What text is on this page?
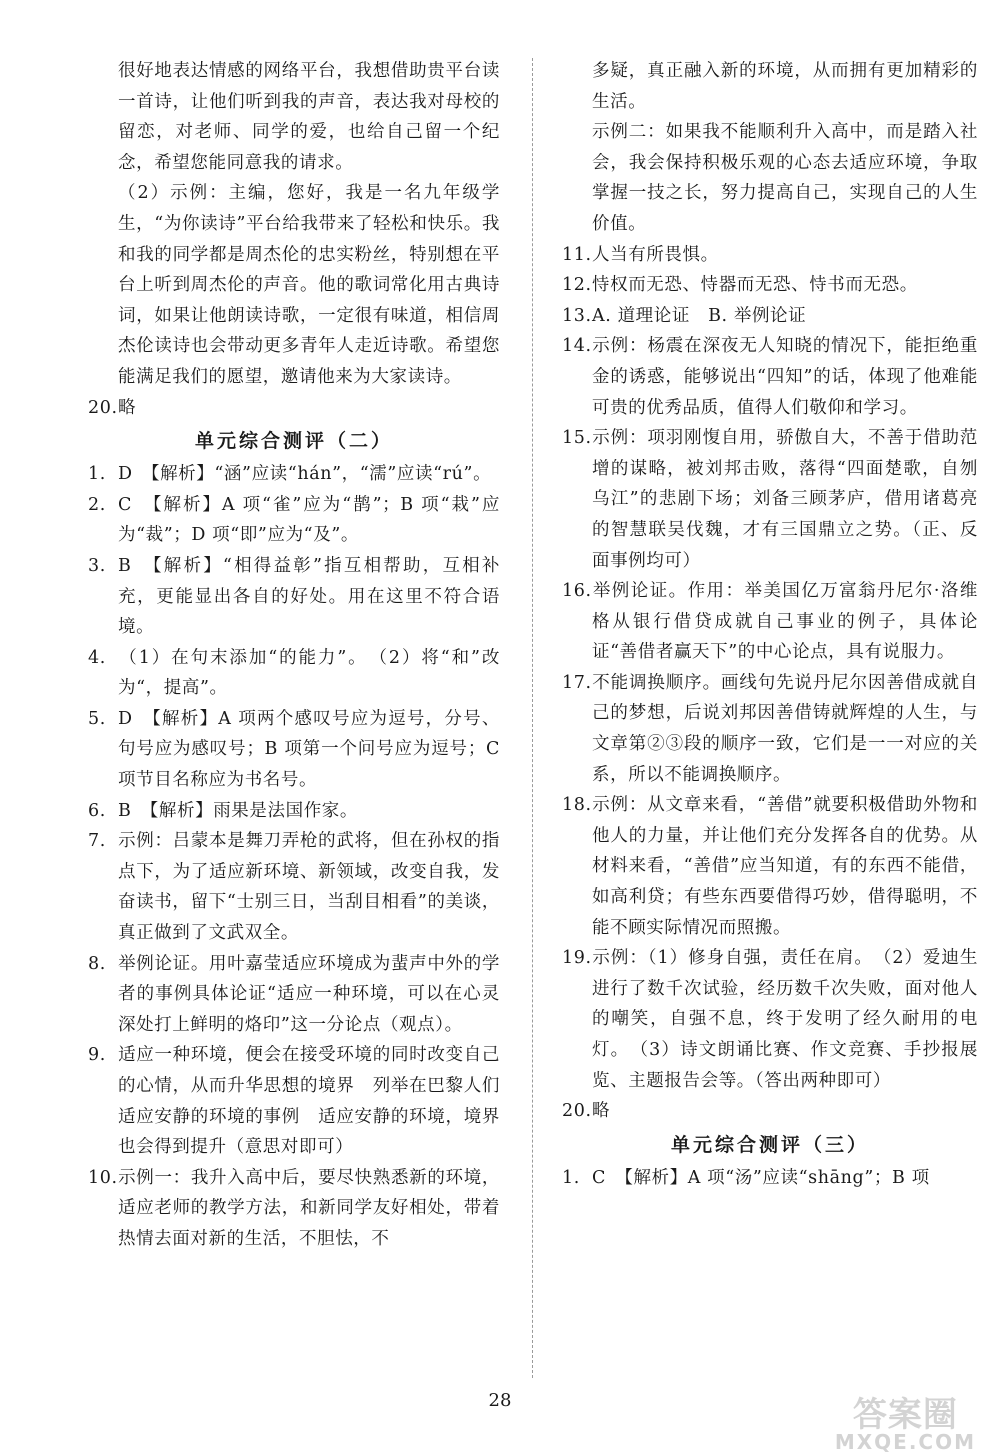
很好地表达情感的网络平台，我想借助贵平台读一首诗，让他们听到我的声音，表达我对母校的留恋，对老师、同学的爱，也给自己留一个纪念，希望您能同意我的请求。
（2）示例：主编，您好，我是一名九年级学生，“为你读诗”平台给我带来了轻松和快乐。我和我的同学都是周杰伦的忠实粉丝，特别想在平台上听到周杰伦的声音。他的歌词常化用古典诗词，如果让他朗读诗歌，一定很有味道，相信周杰伦读诗也会带动更多青年人走近诗歌。希望您能满足我们的愿望，邀请他来为大家读诗。
20.略
单元综合测评（二）
1. D　【解析】“涵”应读“hán”，“濡”应读“rú”。
2. C　【解析】A 项“雀”应为“鹊”；B 项“栽”应为“裁”；D 项“即”应为“及”。
3. B　【解析】“相得益彰”指互相帮助，互相补充，更能显出各自的好处。用在这里不符合语境。
4. （1）在句末添加“的能力”。　（2）将“和”改为“，提高”。
5. D　【解析】A 项两个感叹号应为逗号，分号、句号应为感叹号；B 项第一个问号应为逗号；C 项节目名称应为书名号。
6. B　【解析】雨果是法国作家。
7. 示例：吕蒙本是舞刀弄枪的武将，但在孙权的指点下，为了适应新环境、新领域，改变自我，发奋读书，留下“士别三日，当刮目相看”的美谈，真正做到了文武双全。
8. 举例论证。用叶嘉莹适应环境成为蜚声中外的学者的事例具体论证“适应一种环境，可以在心灵深处打上鲜明的烙印”这一分论点（观点）。
9. 适应一种环境，便会在接受环境的同时改变自己的心情，从而升华思想的境界　列举在巴黎人们适应安静的环境的事例　适应安静的环境，境界也会得到提升（意思对即可）
10.示例一：我升入高中后，要尽快熟悉新的环境，适应老师的教学方法，和新同学友好相处，带着热情去面对新的生活，不胆怯，不
多疑，真正融入新的环境，从而拥有更加精彩的生活。
示例二：如果我不能顺利升入高中，而是踏入社会，我会保持积极乐观的心态去适应环境，争取掌握一技之长，努力提高自己，实现自己的人生价值。
11.人当有所畏惧。
12.恃权而无恐、恃器而无恐、恃书而无恐。
13.A. 道理论证　B. 举例论证
14.示例：杨震在深夜无人知晓的情况下，能拒绝重金的诱惑，能够说出“四知”的话，体现了他难能可贵的优秀品质，值得人们敬仰和学习。
15.示例：项羽刚愎自用，骄傲自大，不善于借助范增的谋略，被刘邦击败，落得“四面楚歌，自刎乌江”的悲剧下场；刘备三顾茅庐，借用诸葛亮的智慧联吴伐魏，才有三国鼎立之势。（正、反面事例均可）
16.举例论证。作用：举美国亿万富翁丹尼尔·洛维格从银行借贷成就自己事业的例子，具体论证“善借者赢天下”的中心论点，具有说服力。
17.不能调换顺序。画线句先说丹尼尔因善借成就自己的梦想，后说刘邦因善借铸就辉煌的人生，与文章第②③段的顺序一致，它们是一一对应的关系，所以不能调换顺序。
18.示例：从文章来看，“善借”就要积极借助外物和他人的力量，并让他们充分发挥各自的优势。从材料来看，“善借”应当知道，有的东西不能借，如高利贷；有些东西要借得巧妙，借得聪明，不能不顾实际情况而照搬。
19.示例：（1）修身自强，责任在肩。　（2）爱迪生进行了数千次试验，经历数千次失败，面对他人的嘲笑，自强不息，终于发明了经久耐用的电灯。　（3）诗文朗诵比赛、作文竞赛、手抄报展览、主题报告会等。（答出两种即可）
20.略
单元综合测评（三）
1. C　【解析】A 项“汤”应读“shāng”；B 项
28	答案圈
MXQE.COM
